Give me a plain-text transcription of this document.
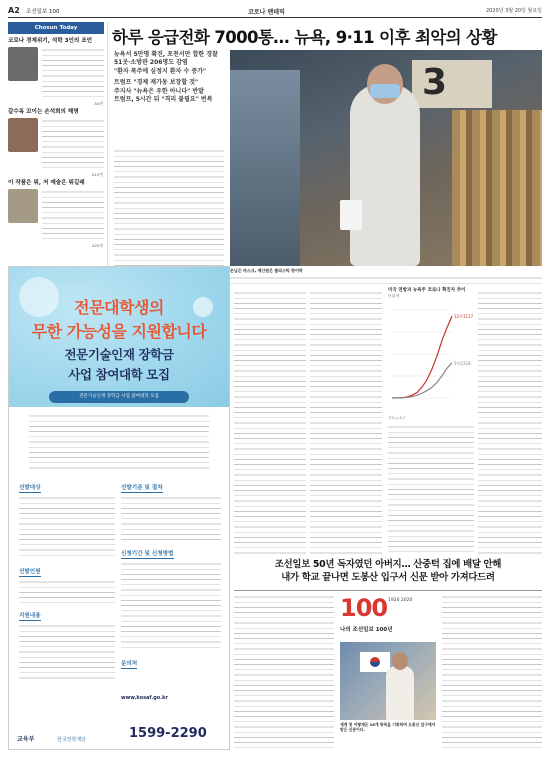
A2 조선일보 100	코로나 팬데믹	2020년 3월 20일 월요일
Chosun Today
코로나 경제위기, 석학 3인의 조언
A4면
갈수록 꼬이는 손석희의 해명
A10면
이 작품은 뭐, 저 예술은 뭐길래
A20면
하루 응급전화 7000통… 뉴욕, 9·11 이후 최악의 상황
뉴욕서 5만명 확진, 포천서만 합한 경찰 51곳·소방관 206명도 감염
"환자 폭주에 심정지 환자 수 증가"
트럼프 "경제 재가동 보장할 것"
주지사 "뉴욕은 우한 아니다" 반발
트럼프, 5시간 뒤 "격리 불필요" 번복	3
손님은 마스크, 계산원은 플라스틱 방어막
전문대학생의
무한 가능성을 지원합니다
전문기술인재 장학금
사업 참여대학 모집
전문기술인재 장학금 사업 참여대학 모집
선발대상	선발기준 및 절차
신청기간 및 신청방법
선발인원
지원내용
문의처
www.kosaf.go.kr
1599-2290
교육부	한국장학재단
미국 연방과 뉴욕주 코로나 확진자 추이
단위:명
12만1117
5만2318
자료:뉴욕주
조선일보 50년 독자였던 아버지… 산중턱 집에 배달 안해
내가 학교 끝나면 도봉산 입구서 신문 받아 가져다드려
100 1920 2020
나의 조선일보 100년
세계 첫 어떻게든 16개 항목을 기록하며 도봉산 입구에서 받은 신문이다.
